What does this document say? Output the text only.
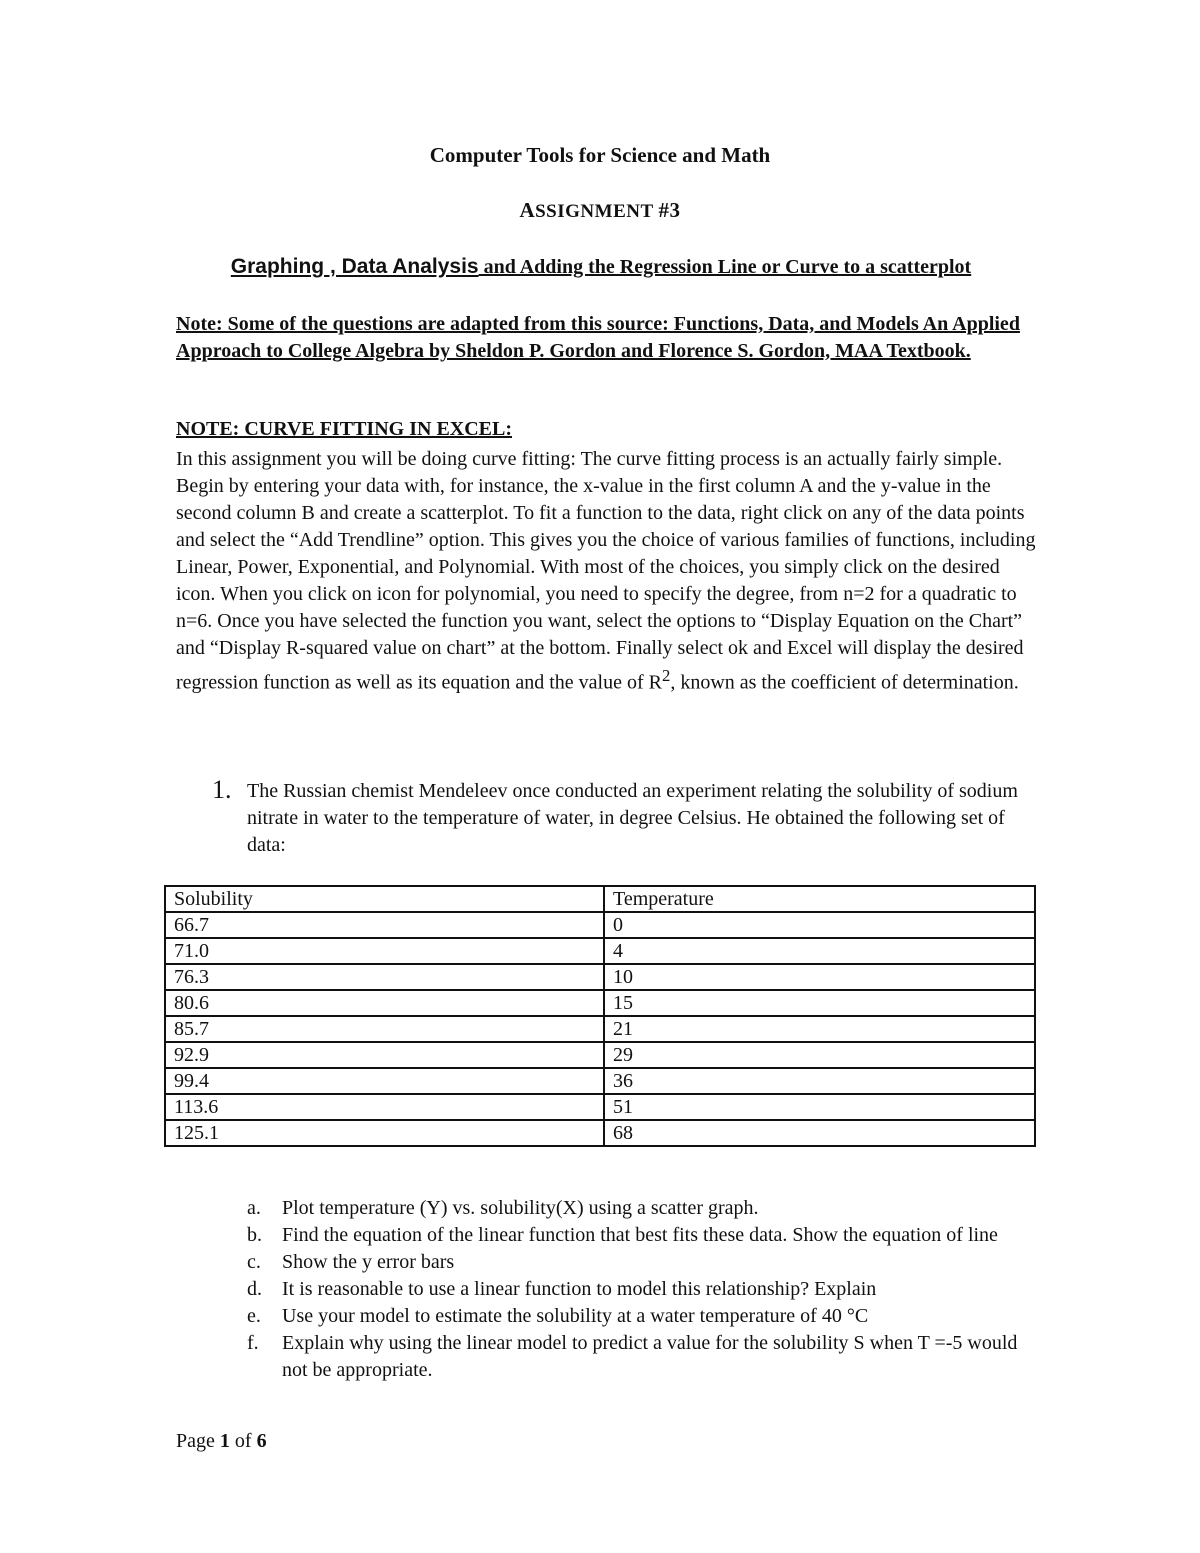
Computer Tools for Science and Math
ASSIGNMENT #3
Graphing , Data Analysis and Adding the Regression Line or Curve to a scatterplot
Note: Some of the questions are adapted from this source: Functions, Data, and Models An Applied Approach to College Algebra by Sheldon P. Gordon and Florence S. Gordon, MAA Textbook.
NOTE: CURVE FITTING IN EXCEL:
In this assignment you will be doing curve fitting: The curve fitting process is an actually fairly simple. Begin by entering your data with, for instance, the x-value in the first column A and the y-value in the second column B and create a scatterplot. To fit a function to the data, right click on any of the data points and select the “Add Trendline” option. This gives you the choice of various families of functions, including Linear, Power, Exponential, and Polynomial. With most of the choices, you simply click on the desired icon. When you click on icon for polynomial, you need to specify the degree, from n=2 for a quadratic to n=6. Once you have selected the function you want, select the options to “Display Equation on the Chart” and “Display R-squared value on chart” at the bottom. Finally select ok and Excel will display the desired regression function as well as its equation and the value of $R^2$, known as the coefficient of determination.
1. The Russian chemist Mendeleev once conducted an experiment relating the solubility of sodium nitrate in water to the temperature of water, in degree Celsius. He obtained the following set of data:
Solubility	Temperature
66.7	0
71.0	4
76.3	10
80.6	15
85.7	21
92.9	29
99.4	36
113.6	51
125.1	68
a. Plot temperature (Y) vs. solubility(X) using a scatter graph.
b. Find the equation of the linear function that best fits these data. Show the equation of line
c. Show the y error bars
d. It is reasonable to use a linear function to model this relationship? Explain
e. Use your model to estimate the solubility at a water temperature of 40 °C
f. Explain why using the linear model to predict a value for the solubility S when T =-5 would not be appropriate.
Page 1 of 6
